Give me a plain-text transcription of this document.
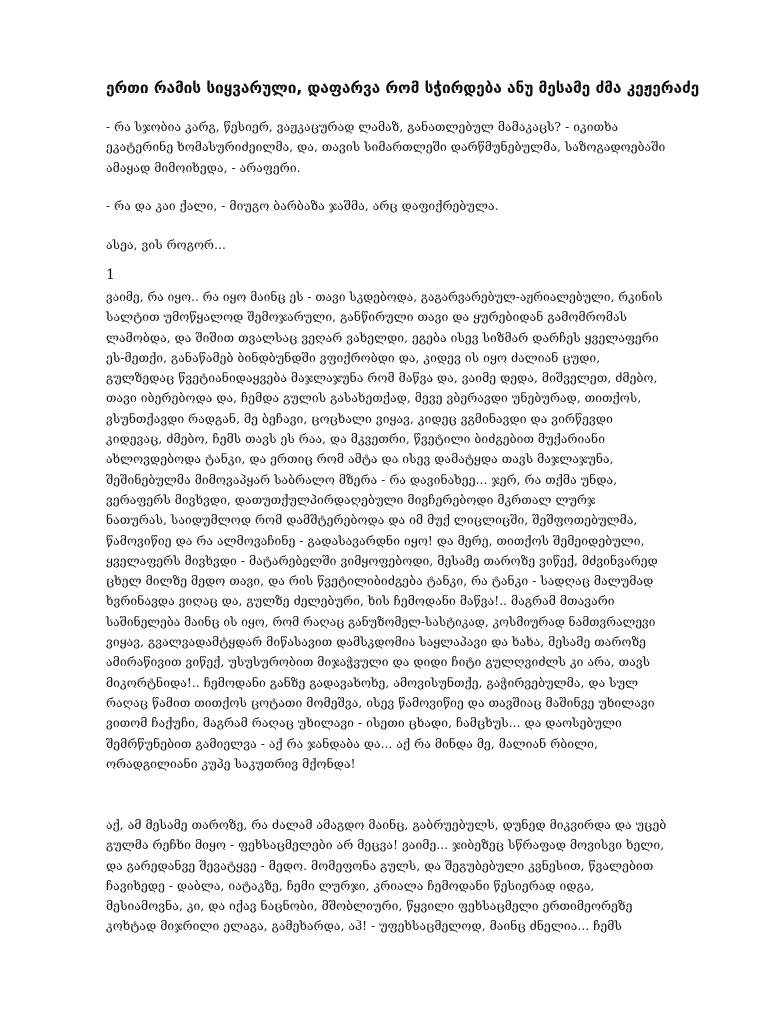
ერთი რამის სიყვარული, დაფარვა რომ სჭირდება ანუ მესამე ძმა კეჟერაძე
- რა სჯობია კარგ, წესიერ, ვაჟკაცურად ლამაზ, განათლებულ მამაკაცს? - იკითხა
ეკატერინე ხომასურიძეილმა, და, თავის სიმართლეში დარწმუნებულმა, საზოგადოებაში
ამაყად მიმოიხედა, - არაფერი.
- რა და კაი ქალი, - მიუგო ბარბაზა ჯაშმა, არც დაფიქრებულა.
ასეა, ვის როგორ...
1
ვაიმე, რა იყო.. რა იყო მაინც ეს - თავი სკდებოდა, გაგარვარებულ-აჟრიალებული, რკინის
სალტით უმოწყალოდ შემოჯარული, განწირული თავი და ყურებიდან გამომრომას
ლამობდა, და შიშით თვალსაც ვეღარ ვახელდი, ეგება ისევ სიზმარ დარჩეს ყველაფერი
ეს-მეთქი, განაწამებ ბინდბუნდში ვფიქრობდი და, კიდევ ის იყო ძალიან ცუდი,
გულზედაც წვეტიანიდაყვება მაჯლაჯუნა რომ მაწვა და, ვაიმე დედა, მიშველეთ, ძმებო,
თავი იბერებოდა და, ჩემდა გულის გასახეთქად, მევე ვბერავდი უნებურად, თითქოს,
ვსუნთქავდი რადგან, მე ბეჩავი, ცოცხალი ვიყავ, კიდეც ვგმინავდი და ვირწევდი
კიდევაც, ძმებო, ჩემს თავს ეს რაა, და მკვეთრი, წვეტილი ბიძგებით მუქარიანი
ახლოვდებოდა ტანკი, და ერთიც რომ ამტა და ისევ დამატყდა თავს მაჯლაჯუნა,
შეშინებულმა მიმოვაპყარ საბრალო მზერა - რა დავინახეე... ჯერ, რა თქმა უნდა,
ვერაფერს მივხვდი, დათუთქულპირდაღებული მივჩერებოდი მკრთალ ლურჯ
ნათურას, საიდუმლოდ რომ დამშტერებოდა და იმ მუქ ლიცლიცში, შეშფოთებულმა,
წამოვიწიე და რა ალმოვაჩინე - გადასავარდნი იყო! და მერე, თითქოს შემეიდებული,
ყველაფერს მივხვდი - მატარებელში ვიმყოფებოდი, მესამე თაროზე ვიწექ, მძვინვარედ
ცხელ მილზე მედო თავი, და რის წვეტილიბიძგება ტანკი, რა ტანკი - სადღაც მალუმად
ხვრინავდა ვიღაც და, გულზე ძელებური, ხის ჩემოდანი მაწვა!.. მაგრამ მთავარი
საშინელება მაინც ის იყო, რომ რაღაც განუზომელ-სასტიკად, კოსმიურად ნამთვრალევი
ვიყავ, გვალვადამტყდარ მიწასავით დამსკდომია საყლაპავი და ხახა, მესამე თაროზე
ამირაწივით ვიწექ, უსუსურობით მიჯაჭვული და დიდი ჩიტი გულღვიძლს კი არა, თავს
მიკორტნიდა!.. ჩემოდანი განზე გადავახოხე, ამოვისუნთქე, გაჭირვებულმა, და სულ
რაღაც წამით თითქოს ცოტათი მომეშვა, ისევ წამოვიწიე და თავშიაც მაშინვე უხილავი
ვითომ ჩაქუჩი, მაგრამ რაღაც უხილავი - ისეთი ცხადი, ჩამცხუს... და დაოსებული
შემრწუნებით გამიელვა - აქ რა ჯანდაბა და... აქ რა მინდა მე, მალიან რბილი,
ორადგილიანი კუპე საკუთრივ მქონდა!
აქ, ამ მესამე თაროზე, რა ძალამ ამაგდო მაინც, გაბრუებულს, დუნედ მიკვირდა და უცებ
გულმა რეჩხი მიყო - ფეხსაცმელები არ მეცვა! ვაიმე... ჯიბეზეც სწრაფად მოვისვი ხელი,
და გარედანვე შევატყვე - მედო. მომეფონა გულს, და შეგუბებული კვნესით, წვალებით
ჩავიხედე - დაბლა, იატაკზე, ჩემი ლურჯი, კრიალა ჩემოდანი წესიერად იდგა,
მესიამოვნა, კი, და იქავ ნაცნობი, მშობლიური, წყვილი ფეხსაცმელი ერთიმეორეზე
კოხტად მიჯრილი ელაგა, გამეხარდა, აჰ! - უფეხსაცმელოდ, მაინც ძნელია... ჩემს
